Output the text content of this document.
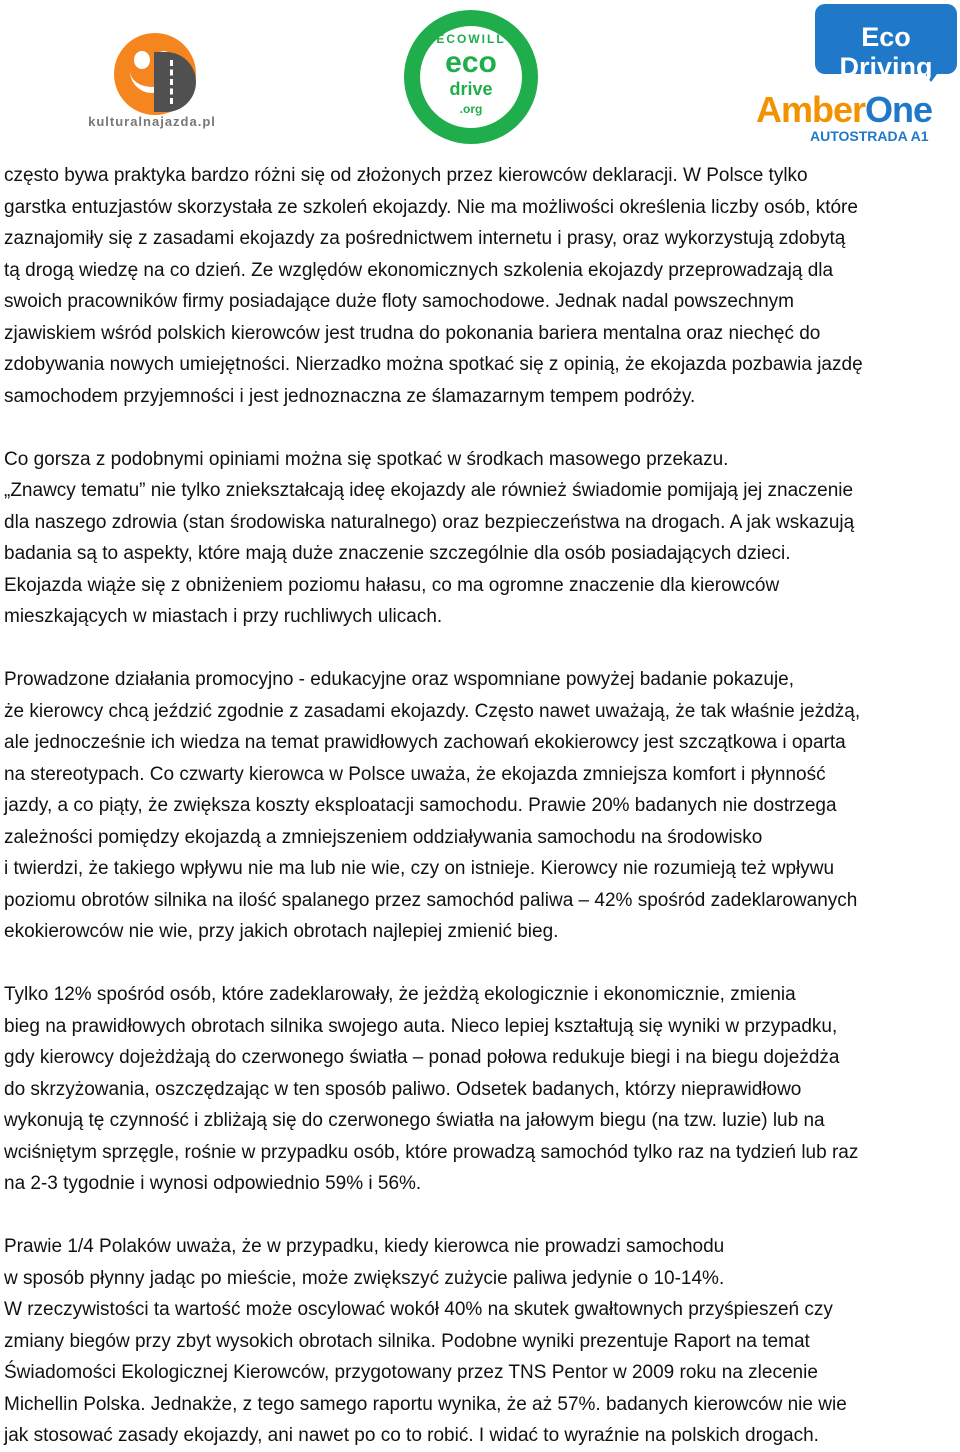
kulturalnajazda.pl
ECOWILL
eco
drive
.org
Eco Driving
AmberOne
AUTOSTRADA A1

często bywa praktyka bardzo różni się od złożonych przez kierowców deklaracji. W Polsce tylko
garstka entuzjastów skorzystała ze szkoleń ekojazdy. Nie ma możliwości określenia liczby osób, które
zaznajomiły się z zasadami ekojazdy za pośrednictwem internetu i prasy, oraz wykorzystują zdobytą
tą drogą wiedzę na co dzień. Ze względów ekonomicznych szkolenia ekojazdy przeprowadzają dla
swoich pracowników firmy posiadające duże floty samochodowe. Jednak nadal powszechnym
zjawiskiem wśród polskich kierowców jest trudna do pokonania bariera mentalna oraz niechęć do
zdobywania nowych umiejętności. Nierzadko można spotkać się z opinią, że ekojazda pozbawia jazdę
samochodem przyjemności i jest jednoznaczna ze ślamazarnym tempem podróży.

Co gorsza z podobnymi opiniami można się spotkać w środkach masowego przekazu.
„Znawcy tematu” nie tylko zniekształcają ideę ekojazdy ale również świadomie pomijają jej znaczenie
dla naszego zdrowia (stan środowiska naturalnego) oraz bezpieczeństwa na drogach. A jak wskazują
badania są to aspekty, które mają duże znaczenie szczególnie dla osób posiadających dzieci.
Ekojazda wiąże się z obniżeniem poziomu hałasu, co ma ogromne znaczenie dla kierowców
mieszkających w miastach i przy ruchliwych ulicach.

Prowadzone działania promocyjno - edukacyjne oraz wspomniane powyżej badanie pokazuje,
że kierowcy chcą jeździć zgodnie z zasadami ekojazdy. Często nawet uważają, że tak właśnie jeżdżą,
ale jednocześnie ich wiedza na temat prawidłowych zachowań ekokierowcy jest szczątkowa i oparta
na stereotypach. Co czwarty kierowca w Polsce uważa, że ekojazda zmniejsza komfort i płynność
jazdy, a co piąty, że zwiększa koszty eksploatacji samochodu. Prawie 20% badanych nie dostrzega
zależności pomiędzy ekojazdą a zmniejszeniem oddziaływania samochodu na środowisko
i twierdzi, że takiego wpływu nie ma lub nie wie, czy on istnieje. Kierowcy nie rozumieją też wpływu
poziomu obrotów silnika na ilość spalanego przez samochód paliwa – 42% spośród zadeklarowanych
ekokierowców nie wie, przy jakich obrotach najlepiej zmienić bieg.

Tylko 12% spośród osób, które zadeklarowały, że jeżdżą ekologicznie i ekonomicznie, zmienia
bieg na prawidłowych obrotach silnika swojego auta. Nieco lepiej kształtują się wyniki w przypadku,
gdy kierowcy dojeżdżają do czerwonego światła – ponad połowa redukuje biegi i na biegu dojeżdża
do skrzyżowania, oszczędzając w ten sposób paliwo. Odsetek badanych, którzy nieprawidłowo
wykonują tę czynność i zbliżają się do czerwonego światła na jałowym biegu (na tzw. luzie) lub na
wciśniętym sprzęgle, rośnie w przypadku osób, które prowadzą samochód tylko raz na tydzień lub raz
na 2-3 tygodnie i wynosi odpowiednio 59% i 56%.

Prawie 1/4 Polaków uważa, że w przypadku, kiedy kierowca nie prowadzi samochodu
w sposób płynny jadąc po mieście, może zwiększyć zużycie paliwa jedynie o 10-14%.
W rzeczywistości ta wartość może oscylować wokół 40% na skutek gwałtownych przyśpieszeń czy
zmiany biegów przy zbyt wysokich obrotach silnika. Podobne wyniki prezentuje Raport na temat
Świadomości Ekologicznej Kierowców, przygotowany przez TNS Pentor w 2009 roku na zlecenie
Michellin Polska. Jednakże, z tego samego raportu wynika, że aż 57%. badanych kierowców nie wie
jak stosować zasady ekojazdy, ani nawet po co to robić. I widać to wyraźnie na polskich drogach.
